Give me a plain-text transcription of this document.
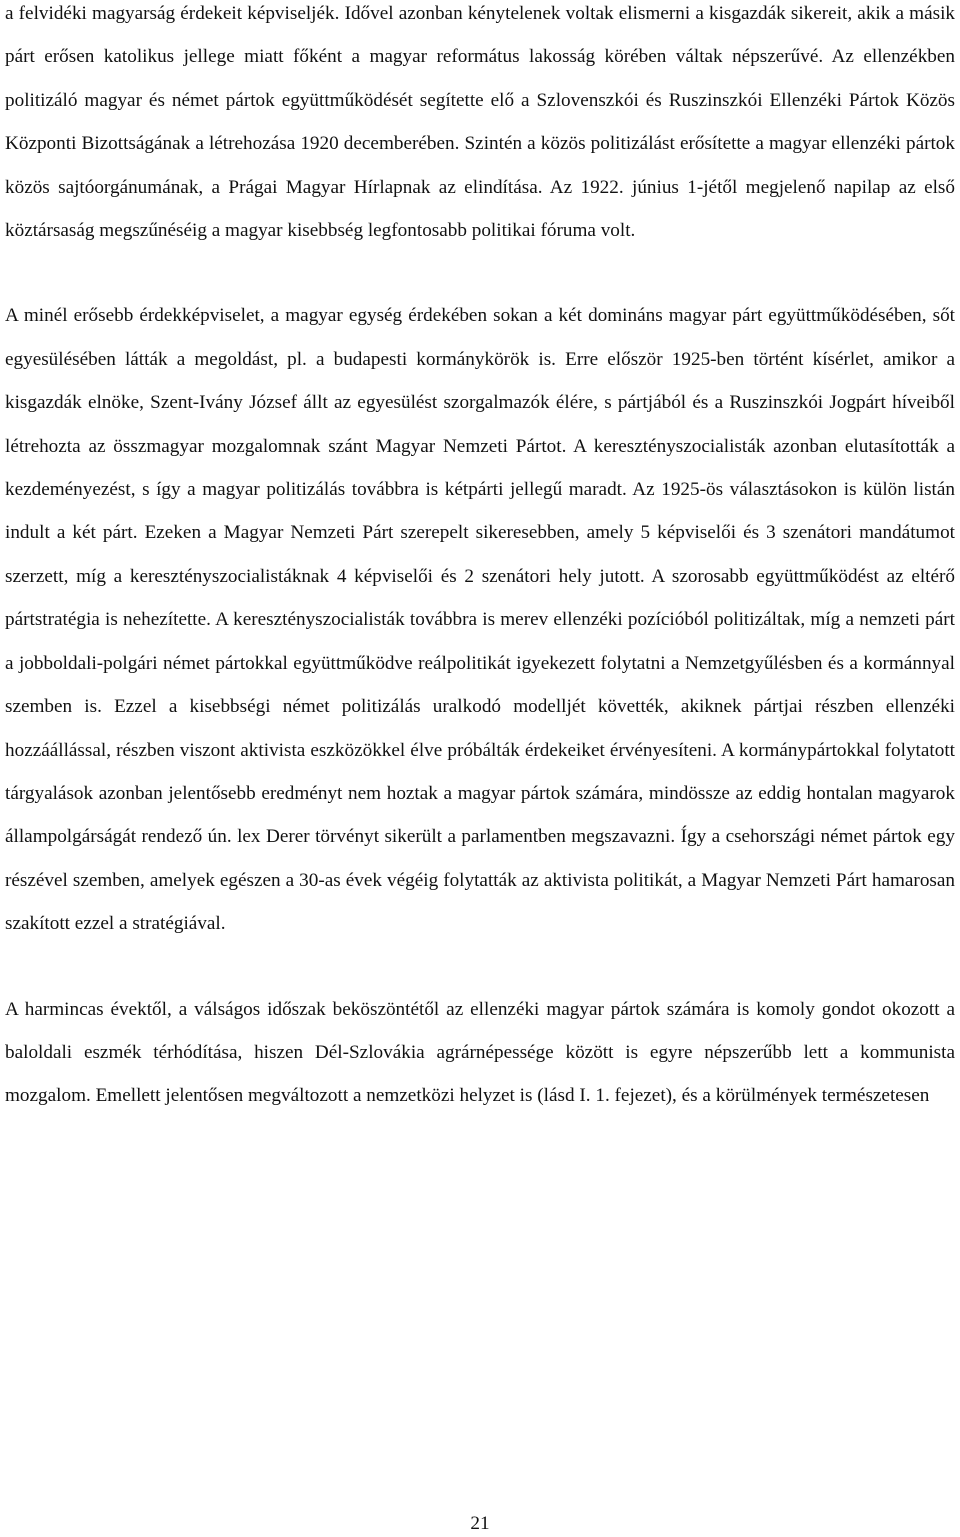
a felvidéki magyarság érdekeit képviseljék. Idővel azonban kénytelenek voltak elismerni a kisgazdák sikereit, akik a másik párt erősen katolikus jellege miatt főként a magyar református lakosság körében váltak népszerűvé. Az ellenzékben politizáló magyar és német pártok együttműködését segítette elő a Szlovenszkói és Ruszinszkói Ellenzéki Pártok Közös Központi Bizottságának a létrehozása 1920 decemberében. Szintén a közös politizálást erősítette a magyar ellenzéki pártok közös sajtóorgánumának, a Prágai Magyar Hírlapnak az elindítása. Az 1922. június 1-jétől megjelenő napilap az első köztársaság megszűnéséig a magyar kisebbség legfontosabb politikai fóruma volt.

A minél erősebb érdekképviselet, a magyar egység érdekében sokan a két domináns magyar párt együttműködésében, sőt egyesülésében látták a megoldást, pl. a budapesti kormánykörök is. Erre először 1925-ben történt kísérlet, amikor a kisgazdák elnöke, Szent-Ivány József állt az egyesülést szorgalmazók élére, s pártjából és a Ruszinszkói Jogpárt híveiből létrehozta az összmagyar mozgalomnak szánt Magyar Nemzeti Pártot. A keresztényszocialisták azonban elutasították a kezdeményezést, s így a magyar politizálás továbbra is kétpárti jellegű maradt. Az 1925-ös választásokon is külön listán indult a két párt. Ezeken a Magyar Nemzeti Párt szerepelt sikeresebben, amely 5 képviselői és 3 szenátori mandátumot szerzett, míg a keresztényszocialistáknak 4 képviselői és 2 szenátori hely jutott. A szorosabb együttműködést az eltérő pártstratégia is nehezítette. A keresztényszocialisták továbbra is merev ellenzéki pozícióból politizáltak, míg a nemzeti párt a jobboldali-polgári német pártokkal együttműködve reálpolitikát igyekezett folytatni a Nemzetgyűlésben és a kormánnyal szemben is. Ezzel a kisebbségi német politizálás uralkodó modelljét követték, akiknek pártjai részben ellenzéki hozzáállással, részben viszont aktivista eszközökkel élve próbálták érdekeiket érvényesíteni. A kormánypártokkal folytatott tárgyalások azonban jelentősebb eredményt nem hoztak a magyar pártok számára, mindössze az eddig hontalan magyarok állampolgárságát rendező ún. lex Derer törvényt sikerült a parlamentben megszavazni. Így a csehországi német pártok egy részével szemben, amelyek egészen a 30-as évek végéig folytatták az aktivista politikát, a Magyar Nemzeti Párt hamarosan szakított ezzel a stratégiával.

A harmincas évektől, a válságos időszak beköszöntétől az ellenzéki magyar pártok számára is komoly gondot okozott a baloldali eszmék térhódítása, hiszen Dél-Szlovákia agrárnépessége között is egyre népszerűbb lett a kommunista mozgalom. Emellett jelentősen megváltozott a nemzetközi helyzet is (lásd I. 1. fejezet), és a körülmények természetesen

21
